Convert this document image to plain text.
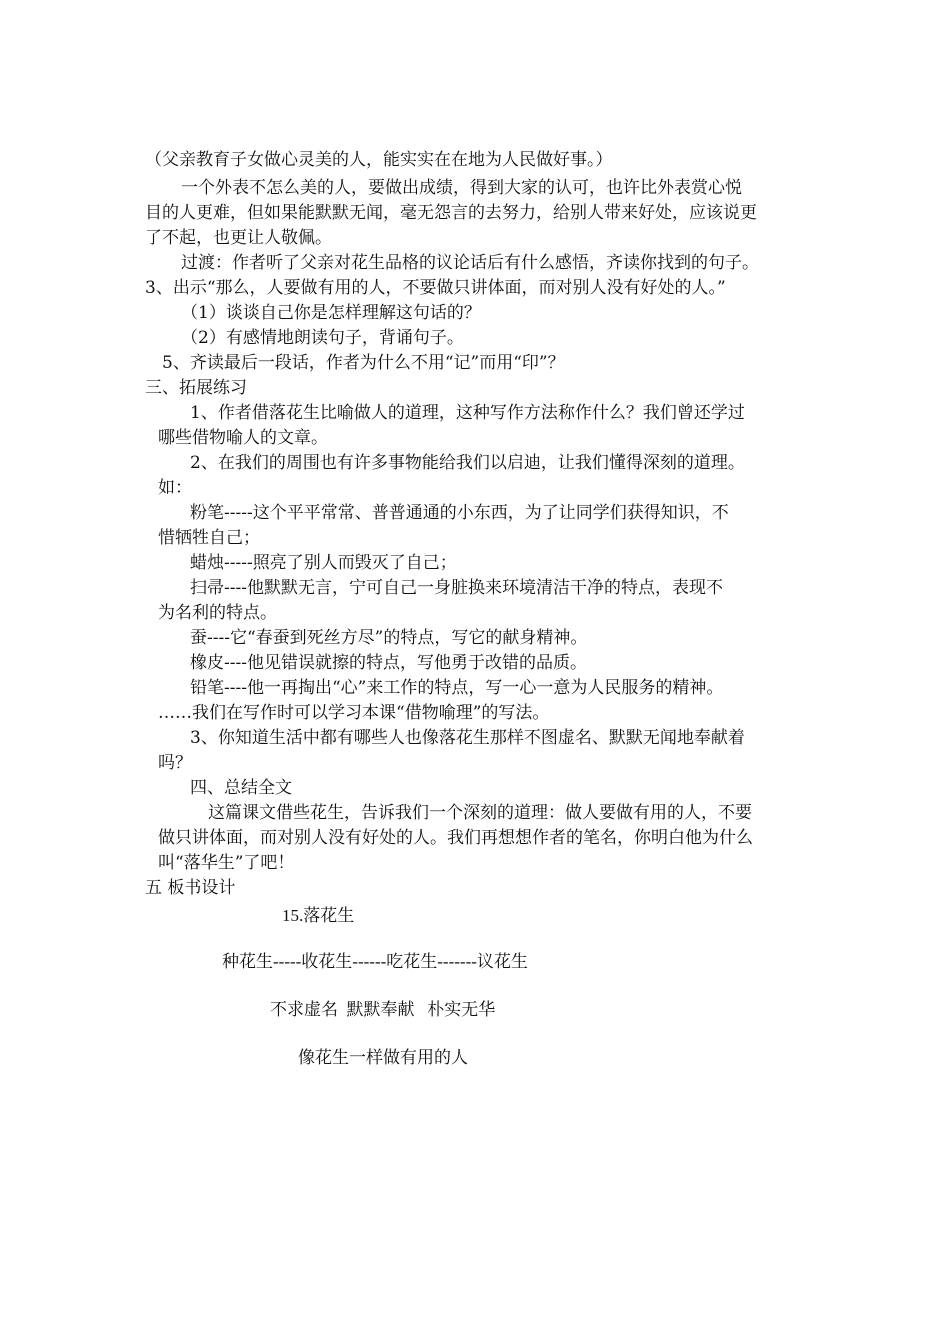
（父亲教育子女做心灵美的人，能实实在在地为人民做好事。）
一个外表不怎么美的人，要做出成绩，得到大家的认可，也许比外表赏心悦
目的人更难，但如果能默默无闻，毫无怨言的去努力，给别人带来好处，应该说更
了不起，也更让人敬佩。
过渡：作者听了父亲对花生品格的议论话后有什么感悟，齐读你找到的句子。
3、出示“那么，人要做有用的人，不要做只讲体面，而对别人没有好处的人。”
（1）谈谈自己你是怎样理解这句话的？
（2）有感情地朗读句子，背诵句子。
5、齐读最后一段话，作者为什么不用“记”而用“印”？
三、拓展练习
1、作者借落花生比喻做人的道理，这种写作方法称作什么？我们曾还学过
哪些借物喻人的文章。
2、在我们的周围也有许多事物能给我们以启迪，让我们懂得深刻的道理。
如：
粉笔-----这个平平常常、普普通通的小东西，为了让同学们获得知识，不
惜牺牲自己；
蜡烛-----照亮了别人而毁灭了自己；
扫帚----他默默无言，宁可自己一身脏换来环境清洁干净的特点，表现不
为名利的特点。
蚕----它“春蚕到死丝方尽”的特点，写它的献身精神。
橡皮----他见错误就擦的特点，写他勇于改错的品质。
铅笔----他一再掏出“心”来工作的特点，写一心一意为人民服务的精神。
……我们在写作时可以学习本课“借物喻理”的写法。
3、你知道生活中都有哪些人也像落花生那样不图虚名、默默无闻地奉献着
吗？
四、总结全文
这篇课文借些花生，告诉我们一个深刻的道理：做人要做有用的人，不要
做只讲体面，而对别人没有好处的人。我们再想想作者的笔名，你明白他为什么
叫“落华生”了吧！
五 板书设计
15.落花生
种花生-----收花生------吃花生-------议花生
不求虚名  默默奉献   朴实无华
像花生一样做有用的人
